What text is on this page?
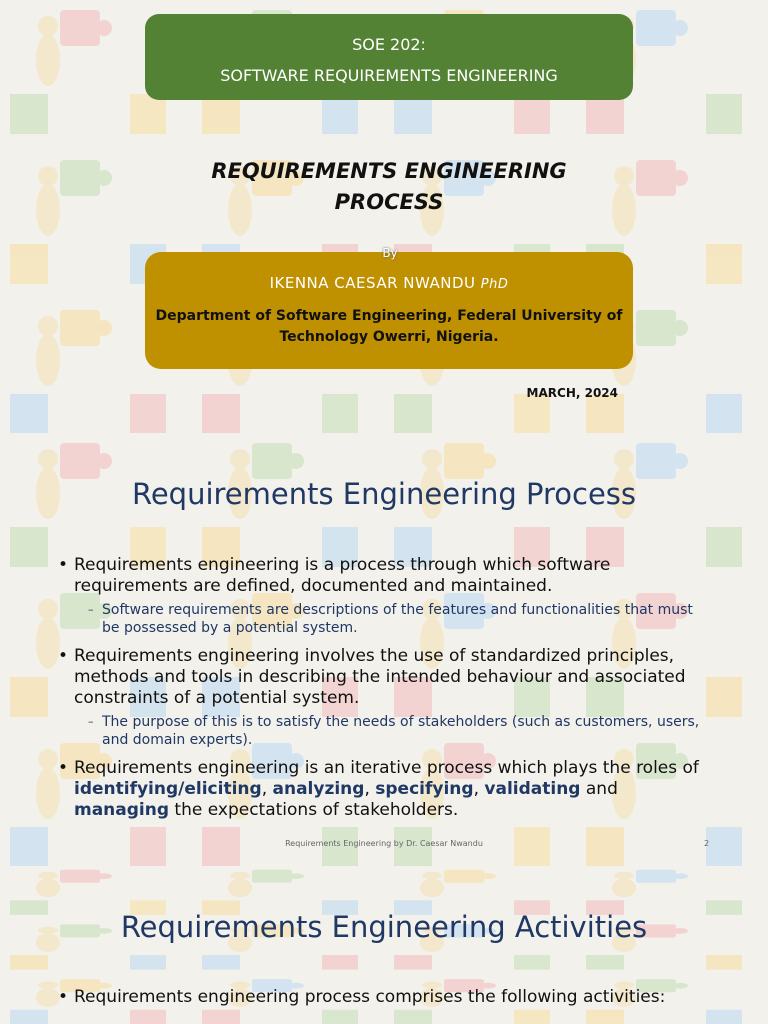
SOE 202:
SOFTWARE REQUIREMENTS ENGINEERING
REQUIREMENTS ENGINEERING
PROCESS
IKENNA CAESAR NWANDU PhD
Department of Software Engineering, Federal University of
Technology Owerri, Nigeria.
By
MARCH, 2024
Requirements Engineering Process
• Requirements engineering is a process through which software requirements are defined, documented and maintained.
– Software requirements are descriptions of the features and functionalities that must be possessed by a potential system.
• Requirements engineering involves the use of standardized principles, methods and tools in describing the intended behaviour and associated constraints of a potential system.
– The purpose of this is to satisfy the needs of stakeholders (such as customers, users, and domain experts).
• Requirements engineering is an iterative process which plays the roles of identifying/eliciting, analyzing, specifying, validating and managing the expectations of stakeholders.
Requirements Engineering by Dr. Caesar Nwandu	2
Requirements Engineering Activities
• Requirements engineering process comprises the following activities:
